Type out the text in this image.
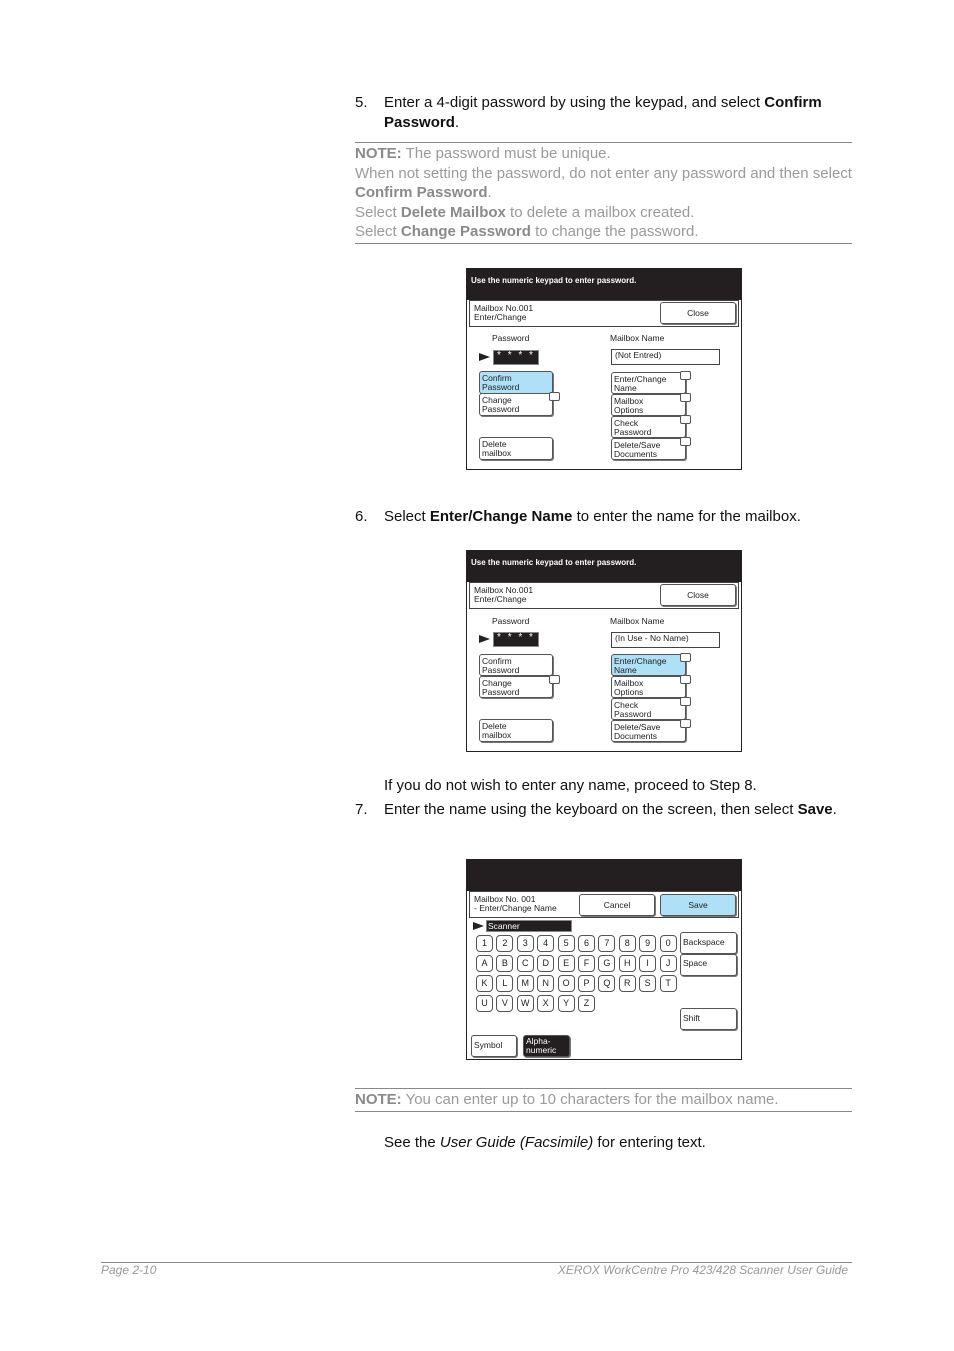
5. Enter a 4-digit password by using the keypad, and select Confirm Password.
NOTE: The password must be unique.
When not setting the password, do not enter any password and then select Confirm Password.
Select Delete Mailbox to delete a mailbox created.
Select Change Password to change the password.
Use the numeric keypad to enter password.
Mailbox No.001
Enter/Change	Close
Password	Mailbox Name
* * * *	(Not Entred)
Confirm
Password
Change
Password
Delete
mailbox
Enter/Change
Name
Mailbox
Options
Check
Password
Delete/Save
Documents
6. Select Enter/Change Name to enter the name for the mailbox.
Use the numeric keypad to enter password.
Mailbox No.001
Enter/Change	Close
Password	Mailbox Name
* * * *	(In Use - No Name)
Confirm
Password
Change
Password
Delete
mailbox
Enter/Change
Name
Mailbox
Options
Check
Password
Delete/Save
Documents
If you do not wish to enter any name, proceed to Step 8.
7. Enter the name using the keyboard on the screen, then select Save.
Mailbox No. 001
- Enter/Change Name	Cancel	Save
Scanner
1	2	3	4	5	6	7	8	9	0
A	B	C	D	E	F	G	H	I	J
K	L	M	N	O	P	Q	R	S	T
U	V	W	X	Y	Z
Backspace
Space
Shift
Symbol	Alpha-
numeric
NOTE: You can enter up to 10 characters for the mailbox name.
See the User Guide (Facsimile) for entering text.
Page 2-10	XEROX WorkCentre Pro 423/428 Scanner User Guide
